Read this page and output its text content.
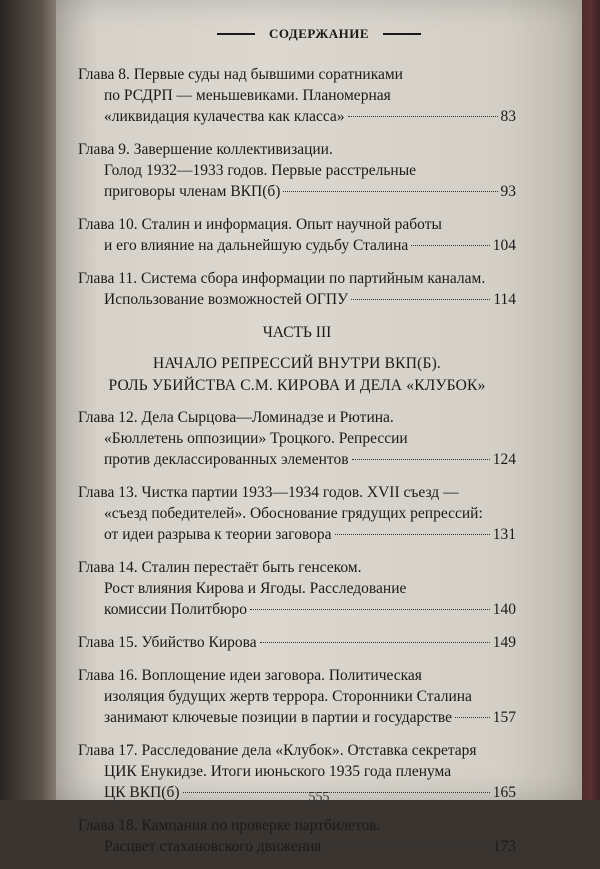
СОДЕРЖАНИЕ
Глава 8. Первые суды над бывшими соратниками
по РСДРП — меньшевиками. Планомерная
«ликвидация кулачества как класса»	83
Глава 9. Завершение коллективизации.
Голод 1932—1933 годов. Первые расстрельные
приговоры членам ВКП(б)	93
Глава 10. Сталин и информация. Опыт научной работы
и его влияние на дальнейшую судьбу Сталина	104
Глава 11. Система сбора информации по партийным каналам.
Использование возможностей ОГПУ	114
ЧАСТЬ III
НАЧАЛО РЕПРЕССИЙ ВНУТРИ ВКП(Б).
РОЛЬ УБИЙСТВА С.М. КИРОВА И ДЕЛА «КЛУБОК»
Глава 12. Дела Сырцова—Ломинадзе и Рютина.
«Бюллетень оппозиции» Троцкого. Репрессии
против деклассированных элементов	124
Глава 13. Чистка партии 1933—1934 годов. XVII съезд —
«съезд победителей». Обоснование грядущих репрессий:
от идеи разрыва к теории заговора	131
Глава 14. Сталин перестаёт быть генсеком.
Рост влияния Кирова и Ягоды. Расследование
комиссии Политбюро	140
Глава 15. Убийство Кирова	149
Глава 16. Воплощение идеи заговора. Политическая
изоляция будущих жертв террора. Сторонники Сталина
занимают ключевые позиции в партии и государстве	157
Глава 17. Расследование дела «Клубок». Отставка секретаря
ЦИК Енукидзе. Итоги июньского 1935 года пленума
ЦК ВКП(б)	165
Глава 18. Кампания по проверке партбилетов.
Расцвет стахановского движения	173
555
